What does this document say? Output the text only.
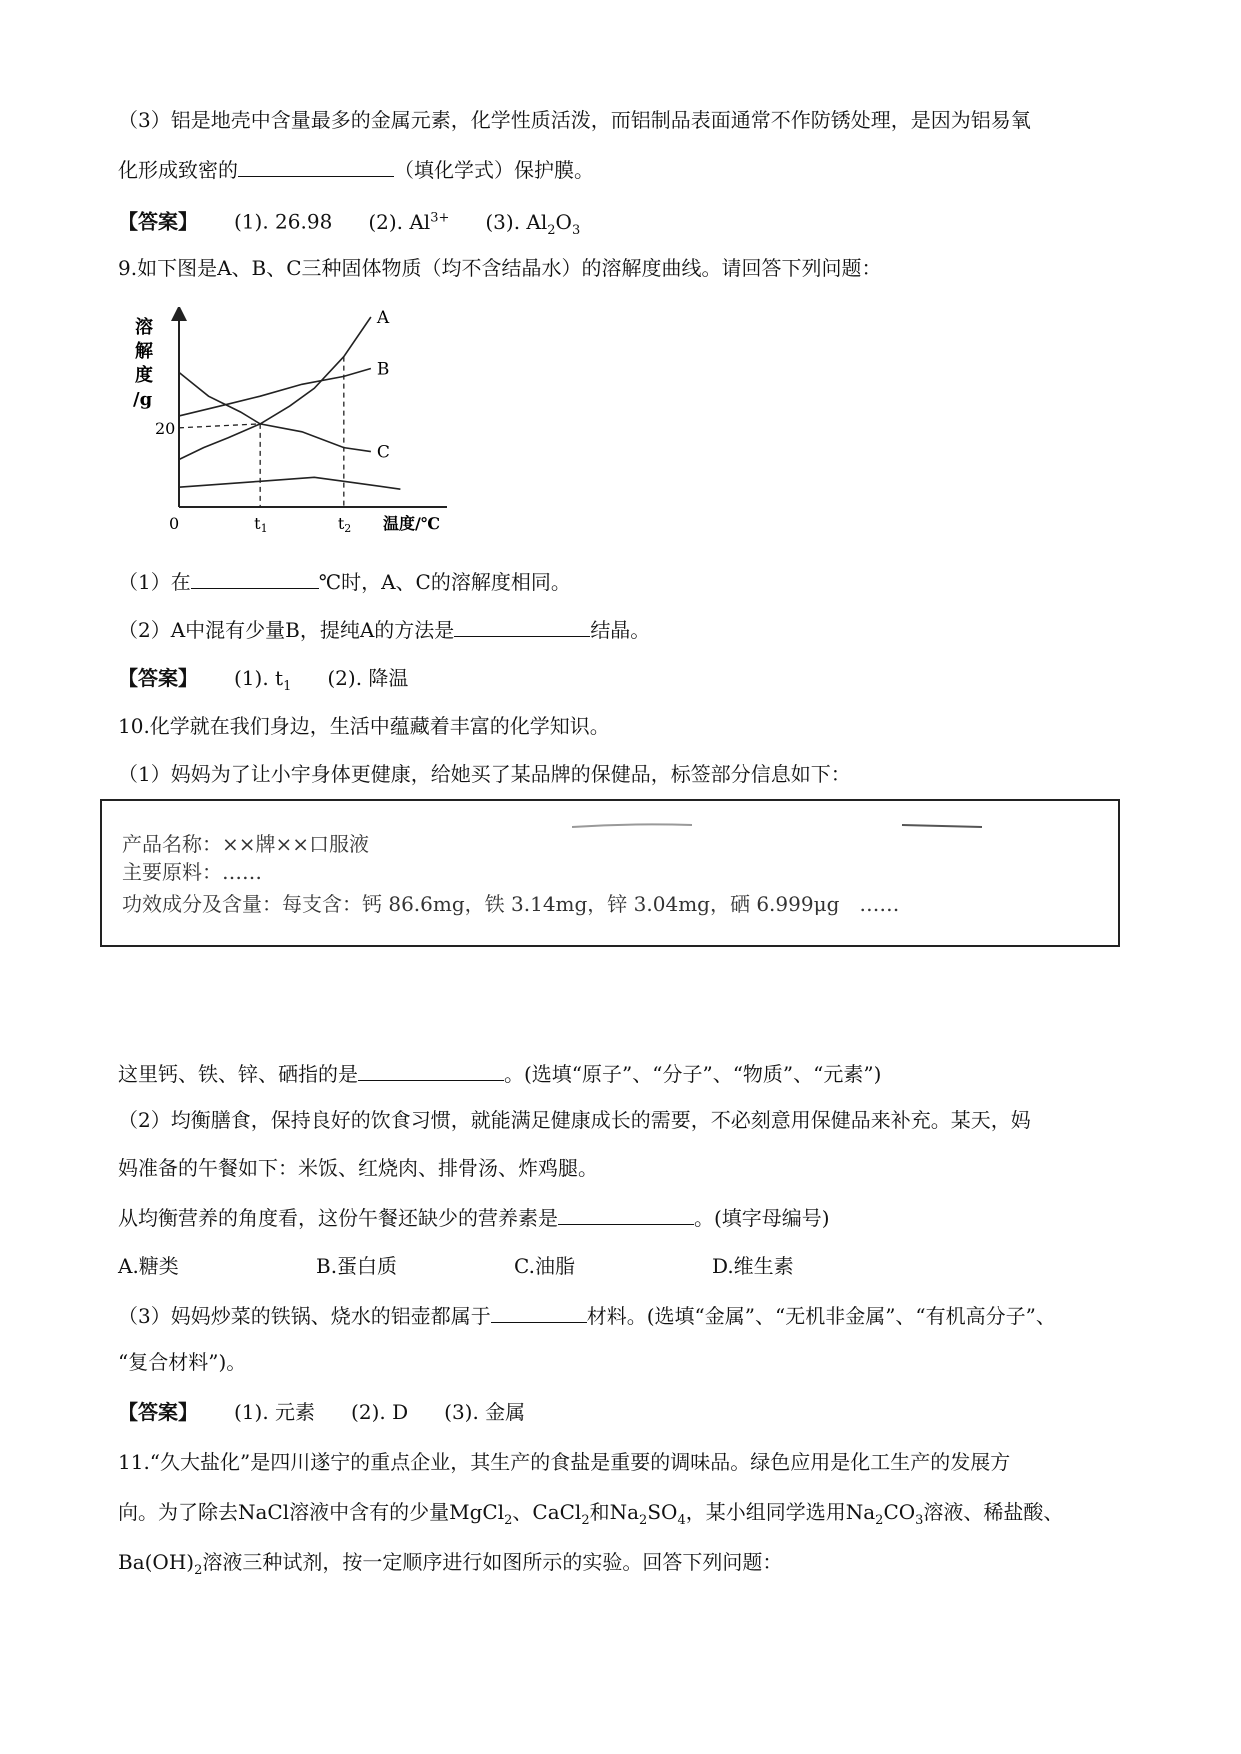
（3）铝是地壳中含量最多的金属元素，化学性质活泼，而铝制品表面通常不作防锈处理，是因为铝易氧
化形成致密的	（填化学式）保护膜。
【答案】 (1). 26.98 (2). $Al^{3+}$ (3). $Al_2O_3$
9.如下图是A、B、C三种固体物质（均不含结晶水）的溶解度曲线。请回答下列问题：
溶
解
度
/g
0	温度/℃
t1	t2
20
A
B
C
（1）在	℃时，A、C的溶解度相同。
（2）A中混有少量B，提纯A的方法是	结晶。
【答案】 (1). $t_1$ (2). 降温
10.化学就在我们身边，生活中蕴藏着丰富的化学知识。
（1）妈妈为了让小宇身体更健康，给她买了某品牌的保健品，标签部分信息如下：
产品名称：××牌××口服液
主要原料：……
功效成分及含量：每支含：钙 86.6mg，铁 3.14mg，锌 3.04mg，硒 6.999μg　……
这里钙、铁、锌、硒指的是	。(选填“原子”、“分子”、“物质”、“元素”)
（2）均衡膳食，保持良好的饮食习惯，就能满足健康成长的需要，不必刻意用保健品来补充。某天，妈
妈准备的午餐如下：米饭、红烧肉、排骨汤、炸鸡腿。
从均衡营养的角度看，这份午餐还缺少的营养素是	。(填字母编号)
A.糖类	B.蛋白质	C.油脂	D.维生素
（3）妈妈炒菜的铁锅、烧水的铝壶都属于	材料。(选填“金属”、“无机非金属”、“有机高分子”、
“复合材料”)。
【答案】 (1). 元素 (2). D (3). 金属
11.“久大盐化”是四川遂宁的重点企业，其生产的食盐是重要的调味品。绿色应用是化工生产的发展方
向。为了除去NaCl溶液中含有的少量MgCl$_2$、CaCl$_2$和$Na_2SO_4$，某小组同学选用$Na_2CO_3$溶液、稀盐酸、
$Ba(OH)_2$溶液三种试剂，按一定顺序进行如图所示的实验。回答下列问题：
